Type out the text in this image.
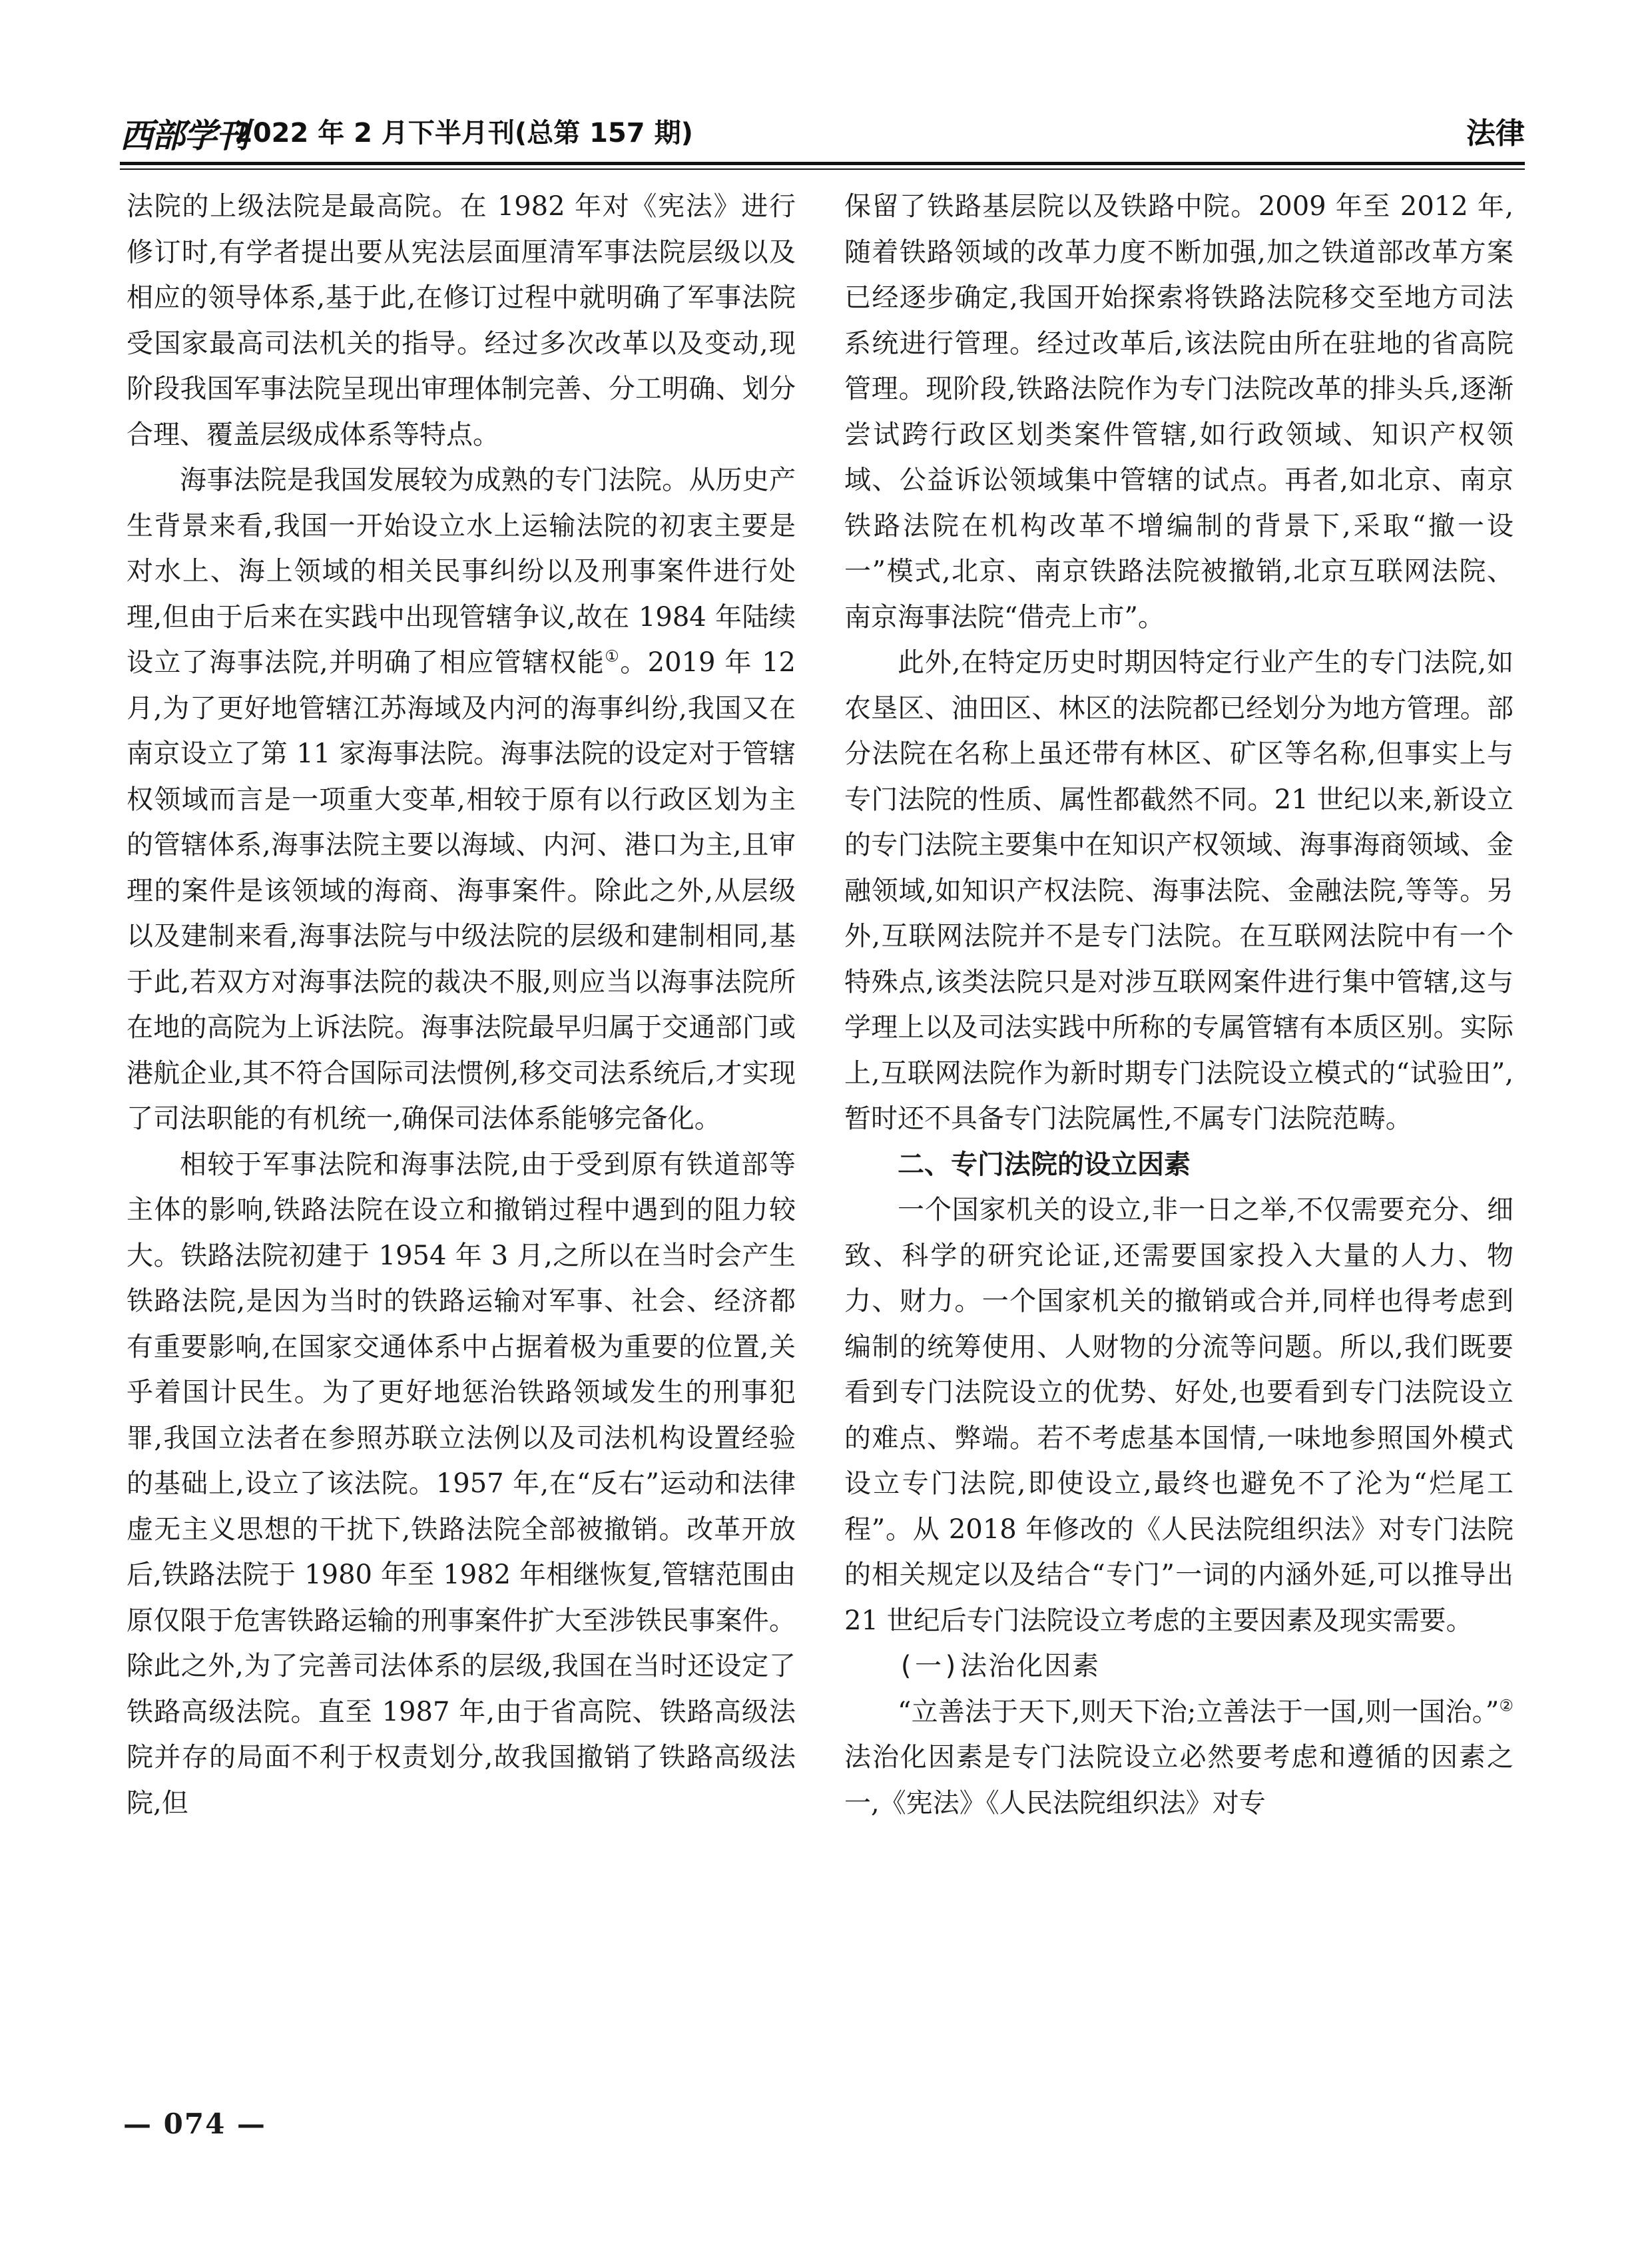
西部学刊
2022 年 2 月下半月刊(总第 157 期)	法律

法院的上级法院是最高院。在 1982 年对《宪法》进行修订时,有学者提出要从宪法层面厘清军事法院层级以及相应的领导体系,基于此,在修订过程中就明确了军事法院受国家最高司法机关的指导。经过多次改革以及变动,现阶段我国军事法院呈现出审理体制完善、分工明确、划分合理、覆盖层级成体系等特点。

海事法院是我国发展较为成熟的专门法院。从历史产生背景来看,我国一开始设立水上运输法院的初衷主要是对水上、海上领域的相关民事纠纷以及刑事案件进行处理,但由于后来在实践中出现管辖争议,故在 1984 年陆续设立了海事法院,并明确了相应管辖权能①。2019 年 12 月,为了更好地管辖江苏海域及内河的海事纠纷,我国又在南京设立了第 11 家海事法院。海事法院的设定对于管辖权领域而言是一项重大变革,相较于原有以行政区划为主的管辖体系,海事法院主要以海域、内河、港口为主,且审理的案件是该领域的海商、海事案件。除此之外,从层级以及建制来看,海事法院与中级法院的层级和建制相同,基于此,若双方对海事法院的裁决不服,则应当以海事法院所在地的高院为上诉法院。海事法院最早归属于交通部门或港航企业,其不符合国际司法惯例,移交司法系统后,才实现了司法职能的有机统一,确保司法体系能够完备化。

相较于军事法院和海事法院,由于受到原有铁道部等主体的影响,铁路法院在设立和撤销过程中遇到的阻力较大。铁路法院初建于 1954 年 3 月,之所以在当时会产生铁路法院,是因为当时的铁路运输对军事、社会、经济都有重要影响,在国家交通体系中占据着极为重要的位置,关乎着国计民生。为了更好地惩治铁路领域发生的刑事犯罪,我国立法者在参照苏联立法例以及司法机构设置经验的基础上,设立了该法院。1957 年,在“反右”运动和法律虚无主义思想的干扰下,铁路法院全部被撤销。改革开放后,铁路法院于 1980 年至 1982 年相继恢复,管辖范围由原仅限于危害铁路运输的刑事案件扩大至涉铁民事案件。除此之外,为了完善司法体系的层级,我国在当时还设定了铁路高级法院。直至 1987 年,由于省高院、铁路高级法院并存的局面不利于权责划分,故我国撤销了铁路高级法院,但

保留了铁路基层院以及铁路中院。2009 年至 2012 年,随着铁路领域的改革力度不断加强,加之铁道部改革方案已经逐步确定,我国开始探索将铁路法院移交至地方司法系统进行管理。经过改革后,该法院由所在驻地的省高院管理。现阶段,铁路法院作为专门法院改革的排头兵,逐渐尝试跨行政区划类案件管辖,如行政领域、知识产权领域、公益诉讼领域集中管辖的试点。再者,如北京、南京铁路法院在机构改革不增编制的背景下,采取“撤一设一”模式,北京、南京铁路法院被撤销,北京互联网法院、南京海事法院“借壳上市”。

此外,在特定历史时期因特定行业产生的专门法院,如农垦区、油田区、林区的法院都已经划分为地方管理。部分法院在名称上虽还带有林区、矿区等名称,但事实上与专门法院的性质、属性都截然不同。21 世纪以来,新设立的专门法院主要集中在知识产权领域、海事海商领域、金融领域,如知识产权法院、海事法院、金融法院,等等。另外,互联网法院并不是专门法院。在互联网法院中有一个特殊点,该类法院只是对涉互联网案件进行集中管辖,这与学理上以及司法实践中所称的专属管辖有本质区别。实际上,互联网法院作为新时期专门法院设立模式的“试验田”,暂时还不具备专门法院属性,不属专门法院范畴。

二、专门法院的设立因素

一个国家机关的设立,非一日之举,不仅需要充分、细致、科学的研究论证,还需要国家投入大量的人力、物力、财力。一个国家机关的撤销或合并,同样也得考虑到编制的统筹使用、人财物的分流等问题。所以,我们既要看到专门法院设立的优势、好处,也要看到专门法院设立的难点、弊端。若不考虑基本国情,一味地参照国外模式设立专门法院,即使设立,最终也避免不了沦为“烂尾工程”。从 2018 年修改的《人民法院组织法》对专门法院的相关规定以及结合“专门”一词的内涵外延,可以推导出 21 世纪后专门法院设立考虑的主要因素及现实需要。

(一)法治化因素

“立善法于天下,则天下治;立善法于一国,则一国治。”②法治化因素是专门法院设立必然要考虑和遵循的因素之一,《宪法》《人民法院组织法》对专

— 074 —
